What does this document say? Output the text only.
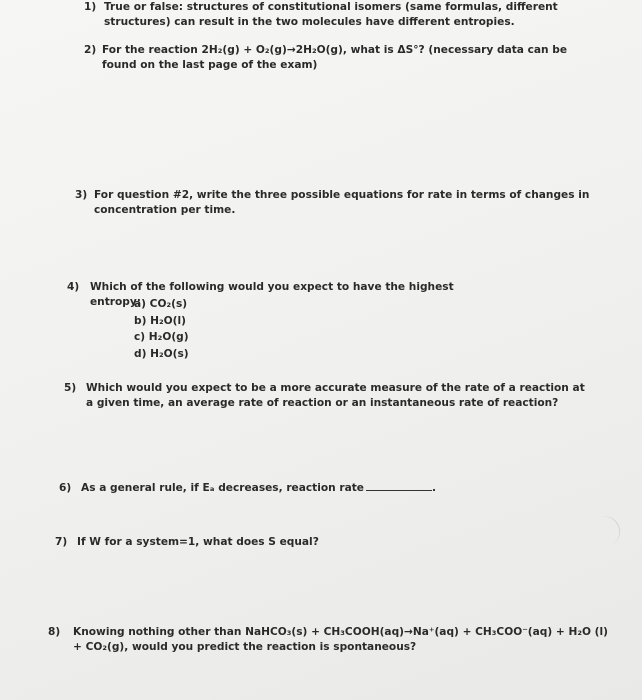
1) True or false: structures of constitutional isomers (same formulas, different structures) can result in the two molecules have different entropies.
2) For the reaction 2H₂(g) + O₂(g)→2H₂O(g), what is ΔS°? (necessary data can be found on the last page of the exam)
3) For question #2, write the three possible equations for rate in terms of changes in concentration per time.
4)	Which of the following would you expect to have the highest entropy:
a) CO₂(s)
b) H₂O(l)
c) H₂O(g)
d) H₂O(s)
5) Which would you expect to be a more accurate measure of the rate of a reaction at a given time, an average rate of reaction or an instantaneous rate of reaction?
6) As a general rule, if Eₐ decreases, reaction rate	.
7) If W for a system=1, what does S equal?
8)	Knowing nothing other than NaHCO₃(s) + CH₃COOH(aq)→Na⁺(aq) + CH₃COO⁻(aq) + H₂O (l) + CO₂(g), would you predict the reaction is spontaneous?
